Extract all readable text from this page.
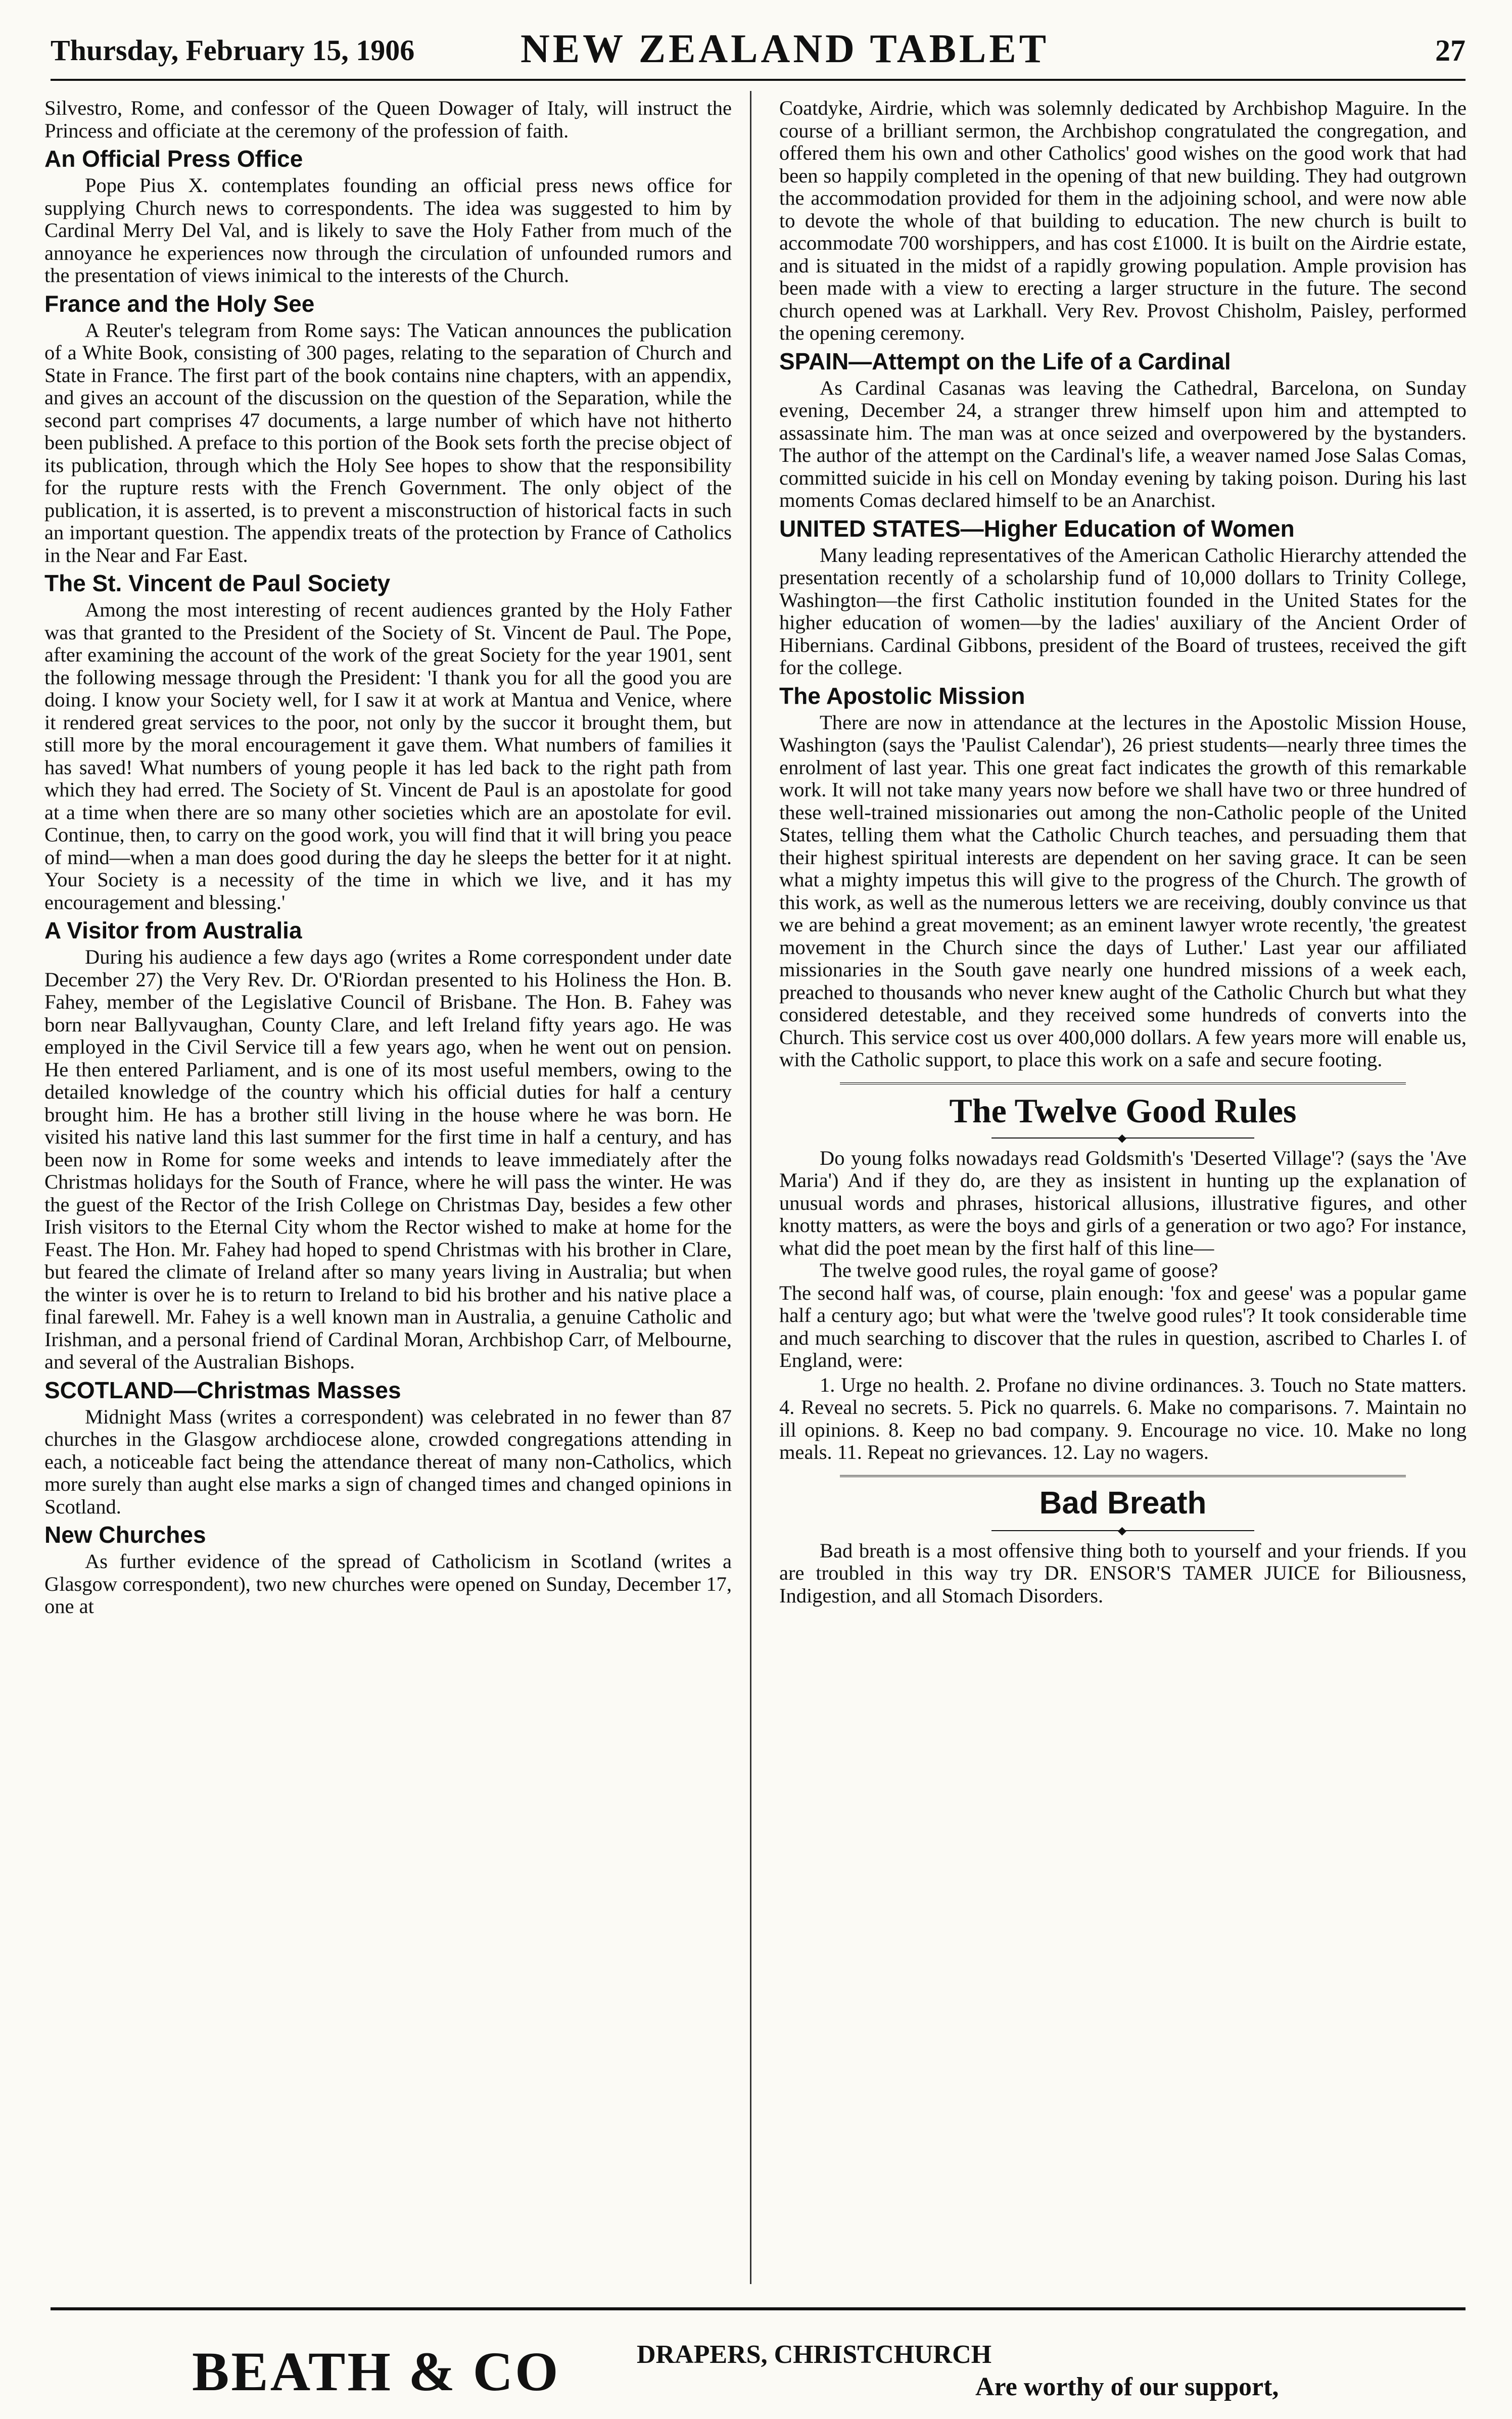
Thursday, February 15, 1906	NEW ZEALAND TABLET	27

Silvestro, Rome, and confessor of the Queen Dowager of Italy, will instruct the Princess and officiate at the ceremony of the profession of faith.

An Official Press Office

Pope Pius X. contemplates founding an official press news office for supplying Church news to correspondents. The idea was suggested to him by Cardinal Merry Del Val, and is likely to save the Holy Father from much of the annoyance he experiences now through the circulation of unfounded rumors and the presentation of views inimical to the interests of the Church.

France and the Holy See

A Reuter's telegram from Rome says: The Vatican announces the publication of a White Book, consisting of 300 pages, relating to the separation of Church and State in France. The first part of the book contains nine chapters, with an appendix, and gives an account of the discussion on the question of the Separation, while the second part comprises 47 documents, a large number of which have not hitherto been published. A preface to this portion of the Book sets forth the precise object of its publication, through which the Holy See hopes to show that the responsibility for the rupture rests with the French Government. The only object of the publication, it is asserted, is to prevent a misconstruction of historical facts in such an important question. The appendix treats of the protection by France of Catholics in the Near and Far East.

The St. Vincent de Paul Society

Among the most interesting of recent audiences granted by the Holy Father was that granted to the President of the Society of St. Vincent de Paul. The Pope, after examining the account of the work of the great Society for the year 1901, sent the following message through the President: 'I thank you for all the good you are doing. I know your Society well, for I saw it at work at Mantua and Venice, where it rendered great services to the poor, not only by the succor it brought them, but still more by the moral encouragement it gave them. What numbers of families it has saved! What numbers of young people it has led back to the right path from which they had erred. The Society of St. Vincent de Paul is an apostolate for good at a time when there are so many other societies which are an apostolate for evil. Continue, then, to carry on the good work, you will find that it will bring you peace of mind—when a man does good during the day he sleeps the better for it at night. Your Society is a necessity of the time in which we live, and it has my encouragement and blessing.'

A Visitor from Australia

During his audience a few days ago (writes a Rome correspondent under date December 27) the Very Rev. Dr. O'Riordan presented to his Holiness the Hon. B. Fahey, member of the Legislative Council of Brisbane. The Hon. B. Fahey was born near Ballyvaughan, County Clare, and left Ireland fifty years ago. He was employed in the Civil Service till a few years ago, when he went out on pension. He then entered Parliament, and is one of its most useful members, owing to the detailed knowledge of the country which his official duties for half a century brought him. He has a brother still living in the house where he was born. He visited his native land this last summer for the first time in half a century, and has been now in Rome for some weeks and intends to leave immediately after the Christmas holidays for the South of France, where he will pass the winter. He was the guest of the Rector of the Irish College on Christmas Day, besides a few other Irish visitors to the Eternal City whom the Rector wished to make at home for the Feast. The Hon. Mr. Fahey had hoped to spend Christmas with his brother in Clare, but feared the climate of Ireland after so many years living in Australia; but when the winter is over he is to return to Ireland to bid his brother and his native place a final farewell. Mr. Fahey is a well known man in Australia, a genuine Catholic and Irishman, and a personal friend of Cardinal Moran, Archbishop Carr, of Melbourne, and several of the Australian Bishops.

SCOTLAND—Christmas Masses

Midnight Mass (writes a correspondent) was celebrated in no fewer than 87 churches in the Glasgow archdiocese alone, crowded congregations attending in each, a noticeable fact being the attendance thereat of many non-Catholics, which more surely than aught else marks a sign of changed times and changed opinions in Scotland.

New Churches

As further evidence of the spread of Catholicism in Scotland (writes a Glasgow correspondent), two new churches were opened on Sunday, December 17, one at

Coatdyke, Airdrie, which was solemnly dedicated by Archbishop Maguire. In the course of a brilliant sermon, the Archbishop congratulated the congregation, and offered them his own and other Catholics' good wishes on the good work that had been so happily completed in the opening of that new building. They had outgrown the accommodation provided for them in the adjoining school, and were now able to devote the whole of that building to education. The new church is built to accommodate 700 worshippers, and has cost £1000. It is built on the Airdrie estate, and is situated in the midst of a rapidly growing population. Ample provision has been made with a view to erecting a larger structure in the future. The second church opened was at Larkhall. Very Rev. Provost Chisholm, Paisley, performed the opening ceremony.

SPAIN—Attempt on the Life of a Cardinal

As Cardinal Casanas was leaving the Cathedral, Barcelona, on Sunday evening, December 24, a stranger threw himself upon him and attempted to assassinate him. The man was at once seized and overpowered by the bystanders. The author of the attempt on the Cardinal's life, a weaver named Jose Salas Comas, committed suicide in his cell on Monday evening by taking poison. During his last moments Comas declared himself to be an Anarchist.

UNITED STATES—Higher Education of Women

Many leading representatives of the American Catholic Hierarchy attended the presentation recently of a scholarship fund of 10,000 dollars to Trinity College, Washington—the first Catholic institution founded in the United States for the higher education of women—by the ladies' auxiliary of the Ancient Order of Hibernians. Cardinal Gibbons, president of the Board of trustees, received the gift for the college.

The Apostolic Mission

There are now in attendance at the lectures in the Apostolic Mission House, Washington (says the 'Paulist Calendar'), 26 priest students—nearly three times the enrolment of last year. This one great fact indicates the growth of this remarkable work. It will not take many years now before we shall have two or three hundred of these well-trained missionaries out among the non-Catholic people of the United States, telling them what the Catholic Church teaches, and persuading them that their highest spiritual interests are dependent on her saving grace. It can be seen what a mighty impetus this will give to the progress of the Church. The growth of this work, as well as the numerous letters we are receiving, doubly convince us that we are behind a great movement; as an eminent lawyer wrote recently, 'the greatest movement in the Church since the days of Luther.' Last year our affiliated missionaries in the South gave nearly one hundred missions of a week each, preached to thousands who never knew aught of the Catholic Church but what they considered detestable, and they received some hundreds of converts into the Church. This service cost us over 400,000 dollars. A few years more will enable us, with the Catholic support, to place this work on a safe and secure footing.

The Twelve Good Rules
◆

Do young folks nowadays read Goldsmith's 'Deserted Village'? (says the 'Ave Maria') And if they do, are they as insistent in hunting up the explanation of unusual words and phrases, historical allusions, illustrative figures, and other knotty matters, as were the boys and girls of a generation or two ago? For instance, what did the poet mean by the first half of this line—

The twelve good rules, the royal game of goose?

The second half was, of course, plain enough: 'fox and geese' was a popular game half a century ago; but what were the 'twelve good rules'? It took considerable time and much searching to discover that the rules in question, ascribed to Charles I. of England, were:

1. Urge no health. 2. Profane no divine ordinances. 3. Touch no State matters. 4. Reveal no secrets. 5. Pick no quarrels. 6. Make no comparisons. 7. Maintain no ill opinions. 8. Keep no bad company. 9. Encourage no vice. 10. Make no long meals. 11. Repeat no grievances. 12. Lay no wagers.

Bad Breath
◆

Bad breath is a most offensive thing both to yourself and your friends. If you are troubled in this way try DR. ENSOR'S TAMER JUICE for Biliousness, Indigestion, and all Stomach Disorders.

BEATH & CO	DRAPERS, CHRISTCHURCH
Are worthy of our support,
